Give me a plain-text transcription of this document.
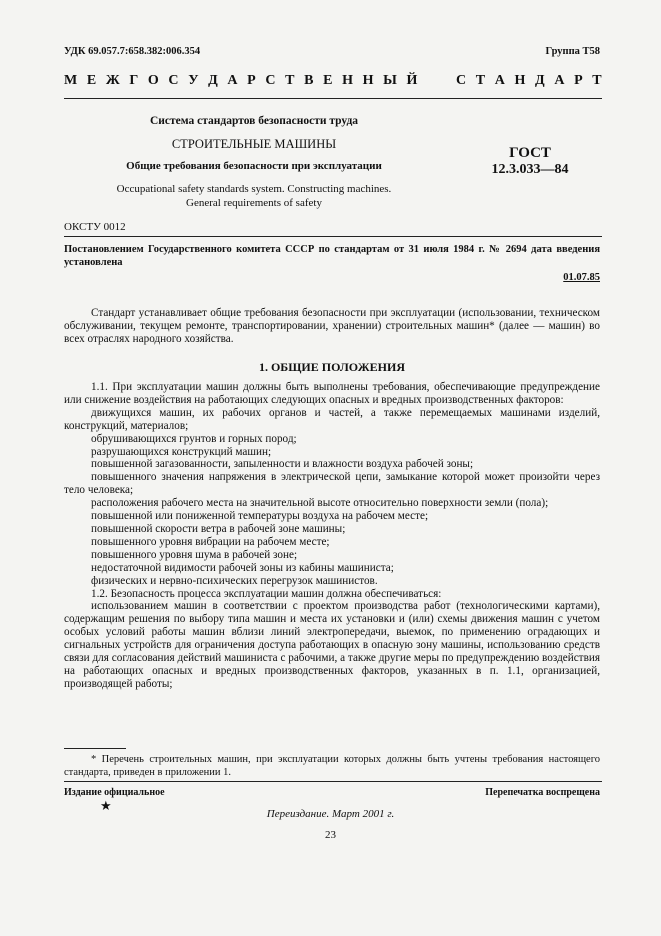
УДК 69.057.7:658.382:006.354	Группа Т58
М Е Ж Г О С У Д А Р С Т В Е Н Н Ы Й	С Т А Н Д А Р Т
Система стандартов безопасности труда
СТРОИТЕЛЬНЫЕ МАШИНЫ
Общие требования безопасности при эксплуатации
Occupational safety standards system. Constructing machines.
General requirements of safety
ГОСТ
12.3.033—84
ОКСТУ 0012
Постановлением Государственного комитета СССР по стандартам от 31 июля 1984 г. № 2694 дата введения установлена
01.07.85

Стандарт устанавливает общие требования безопасности при эксплуатации (использовании, техническом обслуживании, текущем ремонте, транспортировании, хранении) строительных машин* (далее — машин) во всех отраслях народного хозяйства.

1. ОБЩИЕ ПОЛОЖЕНИЯ

1.1. При эксплуатации машин должны быть выполнены требования, обеспечивающие предупреждение или снижение воздействия на работающих следующих опасных и вредных производственных факторов:

движущихся машин, их рабочих органов и частей, а также перемещаемых машинами изделий, конструкций, материалов;

обрушивающихся грунтов и горных пород;

разрушающихся конструкций машин;

повышенной загазованности, запыленности и влажности воздуха рабочей зоны;

повышенного значения напряжения в электрической цепи, замыкание которой может произойти через тело человека;

расположения рабочего места на значительной высоте относительно поверхности земли (пола);

повышенной или пониженной температуры воздуха на рабочем месте;

повышенной скорости ветра в рабочей зоне машины;

повышенного уровня вибрации на рабочем месте;

повышенного уровня шума в рабочей зоне;

недостаточной видимости рабочей зоны из кабины машиниста;

физических и нервно-психических перегрузок машинистов.

1.2. Безопасность процесса эксплуатации машин должна обеспечиваться:

использованием машин в соответствии с проектом производства работ (технологическими картами), содержащим решения по выбору типа машин и места их установки и (или) схемы движения машин с учетом особых условий работы машин вблизи линий электропередачи, выемок, по применению оградающих и сигнальных устройств для ограничения доступа работающих в опасную зону машины, использованию средств связи для согласования действий машиниста с рабочими, а также другие меры по предупреждению воздействия на работающих опасных и вредных производственных факторов, указанных в п. 1.1, организацией, производящей работы;

* Перечень строительных машин, при эксплуатации которых должны быть учтены требования настоящего стандарта, приведен в приложении 1.
Издание официальное
★
Перепечатка воспрещена
Переиздание. Март 2001 г.
23
